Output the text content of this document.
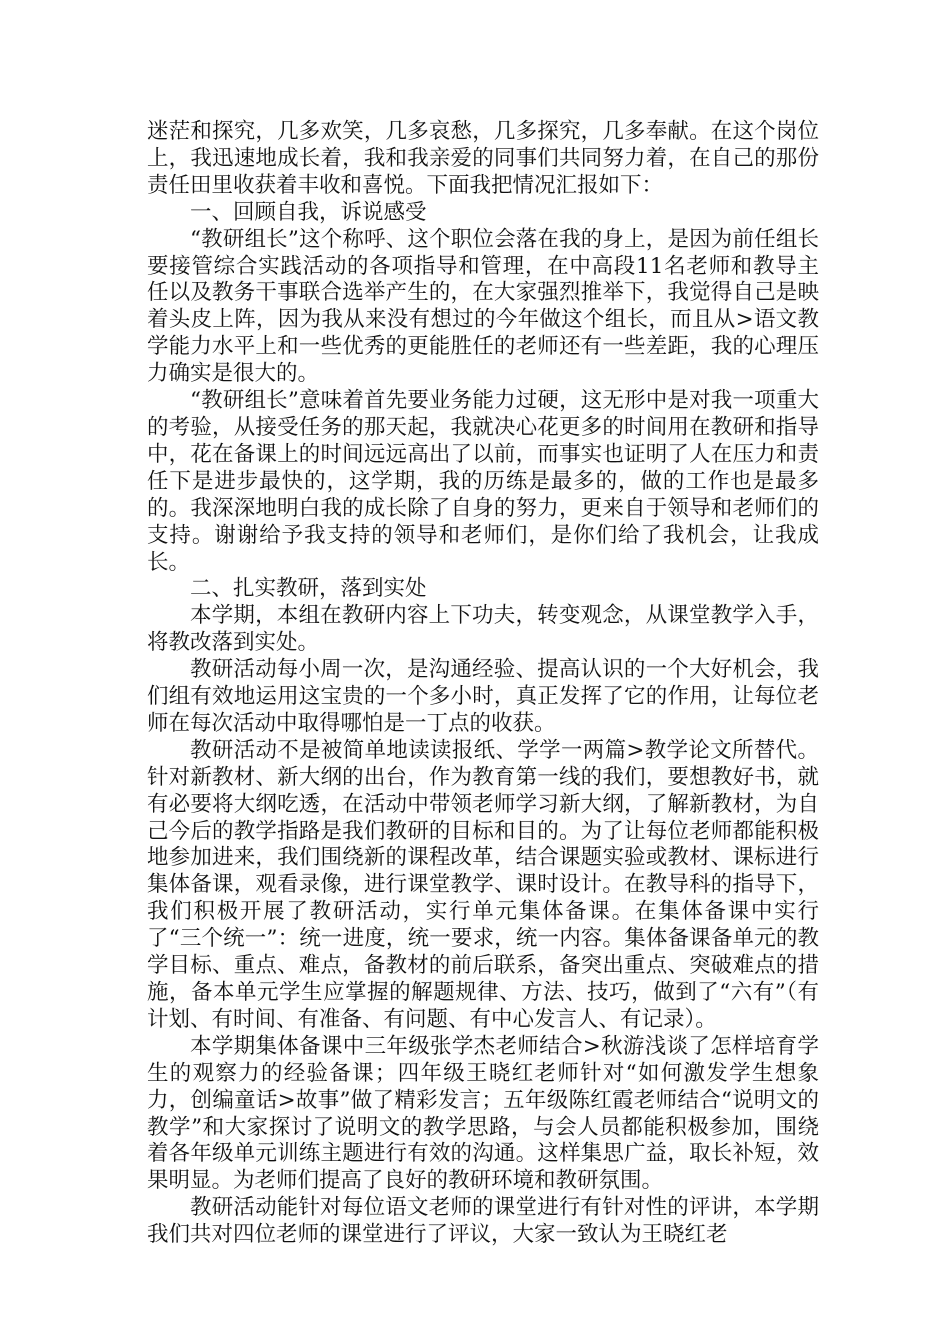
迷茫和探究，几多欢笑，几多哀愁，几多探究，几多奉献。在这个岗位上，我迅速地成长着，我和我亲爱的同事们共同努力着，在自己的那份责任田里收获着丰收和喜悦。下面我把情况汇报如下：

一、回顾自我，诉说感受

“教研组长”这个称呼、这个职位会落在我的身上，是因为前任组长要接管综合实践活动的各项指导和管理，在中高段11名老师和教导主任以及教务干事联合选举产生的，在大家强烈推举下，我觉得自己是映着头皮上阵，因为我从来没有想过的今年做这个组长，而且从>语文教学能力水平上和一些优秀的更能胜任的老师还有一些差距，我的心理压力确实是很大的。

“教研组长”意味着首先要业务能力过硬，这无形中是对我一项重大的考验，从接受任务的那天起，我就决心花更多的时间用在教研和指导中，花在备课上的时间远远高出了以前，而事实也证明了人在压力和责任下是进步最快的，这学期，我的历练是最多的，做的工作也是最多的。我深深地明白我的成长除了自身的努力，更来自于领导和老师们的支持。谢谢给予我支持的领导和老师们，是你们给了我机会，让我成长。

二、扎实教研，落到实处

本学期，本组在教研内容上下功夫，转变观念，从课堂教学入手，将教改落到实处。

教研活动每小周一次，是沟通经验、提高认识的一个大好机会，我们组有效地运用这宝贵的一个多小时，真正发挥了它的作用，让每位老师在每次活动中取得哪怕是一丁点的收获。

教研活动不是被简单地读读报纸、学学一两篇>教学论文所替代。针对新教材、新大纲的出台，作为教育第一线的我们，要想教好书，就有必要将大纲吃透，在活动中带领老师学习新大纲，了解新教材，为自己今后的教学指路是我们教研的目标和目的。为了让每位老师都能积极地参加进来，我们围绕新的课程改革，结合课题实验或教材、课标进行集体备课，观看录像，进行课堂教学、课时设计。在教导科的指导下，我们积极开展了教研活动，实行单元集体备课。在集体备课中实行了“三个统一”：统一进度，统一要求，统一内容。集体备课备单元的教学目标、重点、难点，备教材的前后联系，备突出重点、突破难点的措施，备本单元学生应掌握的解题规律、方法、技巧，做到了“六有”（有计划、有时间、有准备、有问题、有中心发言人、有记录）。

本学期集体备课中三年级张学杰老师结合>秋游浅谈了怎样培育学生的观察力的经验备课；四年级王晓红老师针对“如何激发学生想象力，创编童话>故事”做了精彩发言；五年级陈红霞老师结合“说明文的教学”和大家探讨了说明文的教学思路，与会人员都能积极参加，围绕着各年级单元训练主题进行有效的沟通。这样集思广益，取长补短，效果明显。为老师们提高了良好的教研环境和教研氛围。

教研活动能针对每位语文老师的课堂进行有针对性的评讲，本学期我们共对四位老师的课堂进行了评议，大家一致认为王晓红老
